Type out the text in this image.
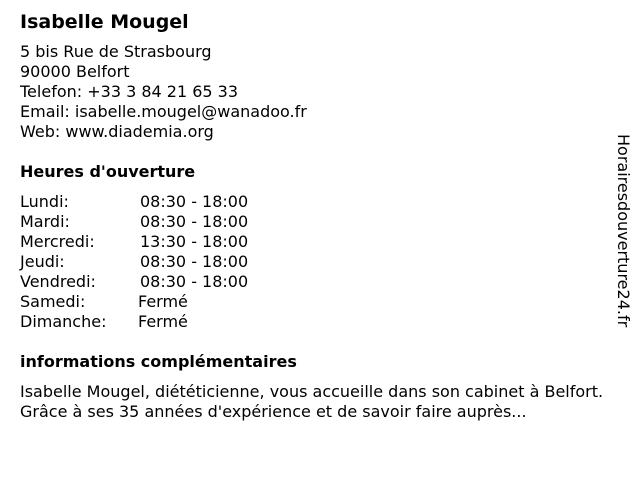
Isabelle Mougel
5 bis Rue de Strasbourg
90000 Belfort
Telefon: +33 3 84 21 65 33
Email: isabelle.mougel@wanadoo.fr
Web: www.diademia.org
Heures d'ouverture
Lundi:	08:30 - 18:00
Mardi:	08:30 - 18:00
Mercredi:	13:30 - 18:00
Jeudi:	08:30 - 18:00
Vendredi:	08:30 - 18:00
Samedi:	Fermé
Dimanche:	Fermé
informations complémentaires
Isabelle Mougel, diététicienne, vous accueille dans son cabinet à Belfort. Grâce à ses 35 années d'expérience et de savoir faire auprès...
Horairesdouverture24.fr
